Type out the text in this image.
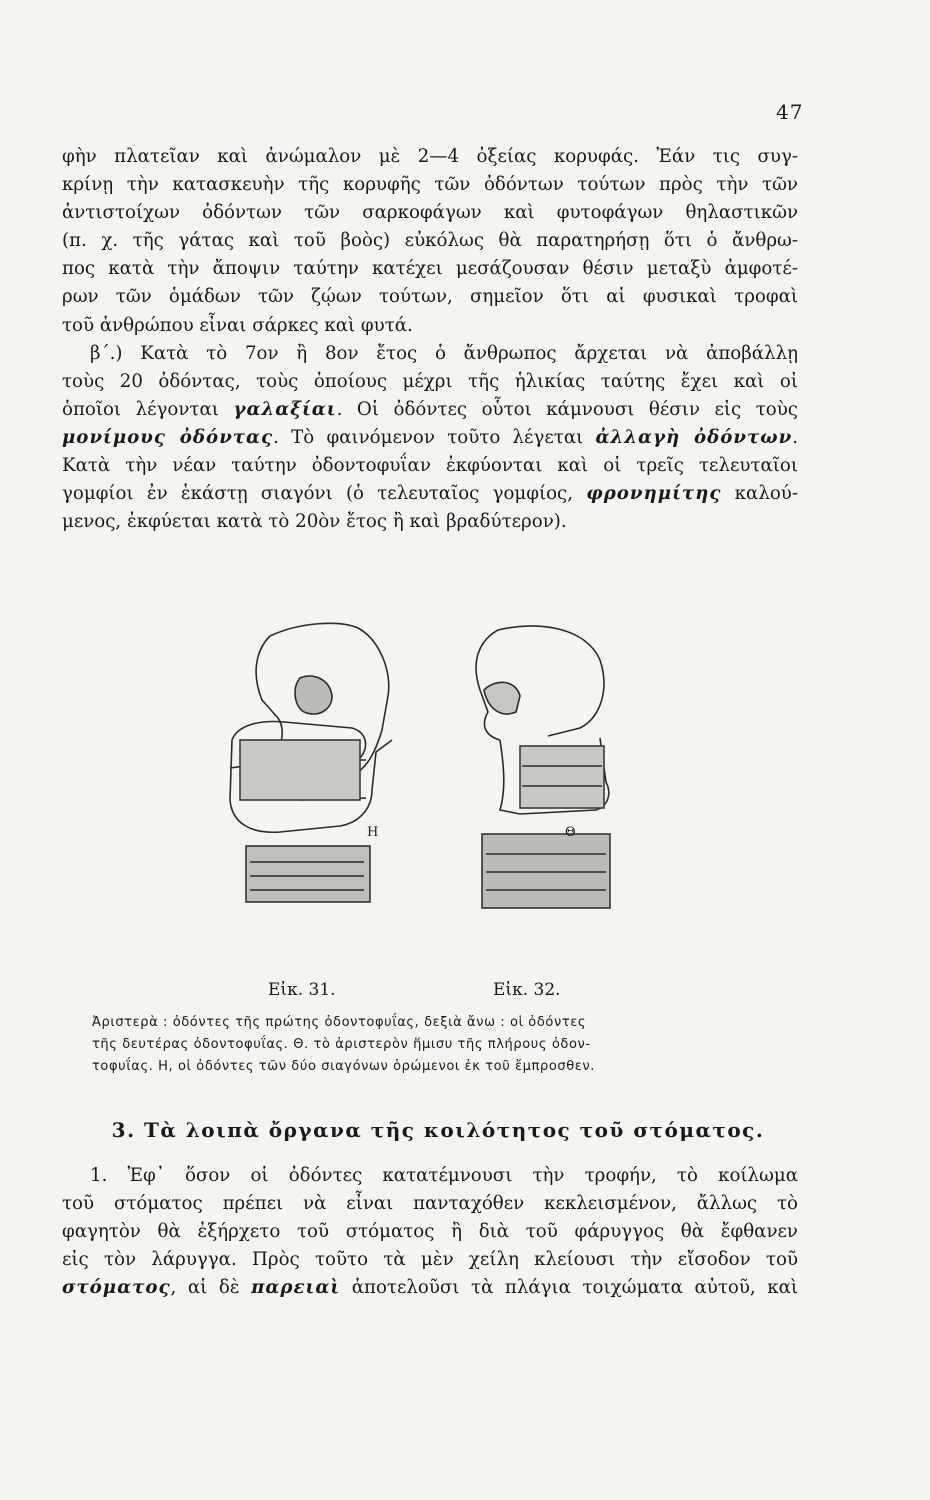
47
φὴν πλατεῖαν καὶ ἀνώμαλον μὲ 2—4 ὀξείας κορυφάς. Ἐάν τις συγ-
κρίνῃ τὴν κατασκευὴν τῆς κορυφῆς τῶν ὀδόντων τούτων πρὸς τὴν τῶν
ἀντιστοίχων ὀδόντων τῶν σαρκοφάγων καὶ φυτοφάγων θηλαστικῶν
(π. χ. τῆς γάτας καὶ τοῦ βοὸς) εὐκόλως θὰ παρατηρήσῃ ὅτι ὁ ἄνθρω-
πος κατὰ τὴν ἄποψιν ταύτην κατέχει μεσάζουσαν θέσιν μεταξὺ ἀμφοτέ-
ρων τῶν ὁμάδων τῶν ζῴων τούτων, σημεῖον ὅτι αἱ φυσικαὶ τροφαὶ
τοῦ ἀνθρώπου εἶναι σάρκες καὶ φυτά.
β΄.) Κατὰ τὸ 7ον ἢ 8ον ἔτος ὁ ἄνθρωπος ἄρχεται νὰ ἀποβάλλῃ
τοὺς 20 ὀδόντας, τοὺς ὁποίους μέχρι τῆς ἡλικίας ταύτης ἔχει καὶ οἱ
ὁποῖοι λέγονται γαλαξίαι. Οἱ ὀδόντες οὗτοι κάμνουσι θέσιν εἰς τοὺς
μονίμους ὀδόντας. Τὸ φαινόμενον τοῦτο λέγεται ἀλλαγὴ ὀδόντων.
Κατὰ τὴν νέαν ταύτην ὀδοντοφυΐαν ἐκφύονται καὶ οἱ τρεῖς τελευταῖοι
γομφίοι ἐν ἑκάστῃ σιαγόνι (ὁ τελευταῖος γομφίος, φρονημίτης καλού-
μενος, ἐκφύεται κατὰ τὸ 20ὸν ἔτος ἢ καὶ βραδύτερον).
Η	Θ
Εἰκ. 31.	Εἰκ. 32.
Ἀριστερὰ : ὀδόντες τῆς πρώτης ὀδοντοφυΐας, δεξιὰ ἄνω : οἱ ὀδόντες
τῆς δευτέρας ὀδοντοφυΐας. Θ. τὸ ἀριστερὸν ἥμισυ τῆς πλήρους ὀδον-
τοφυΐας. Η, οἱ ὀδόντες τῶν δύο σιαγόνων ὁρώμενοι ἐκ τοῦ ἔμπροσθεν.
3. Τὰ λοιπὰ ὄργανα τῆς κοιλότητος τοῦ στόματος.
1. Ἐφ᾽ ὅσον οἱ ὀδόντες κατατέμνουσι τὴν τροφήν, τὸ κοίλωμα
τοῦ στόματος πρέπει νὰ εἶναι πανταχόθεν κεκλεισμένον, ἄλλως τὸ
φαγητὸν θὰ ἐξήρχετο τοῦ στόματος ἢ διὰ τοῦ φάρυγγος θὰ ἔφθανεν
εἰς τὸν λάρυγγα. Πρὸς τοῦτο τὰ μὲν χείλη κλείουσι τὴν εἴσοδον τοῦ
στόματος, αἱ δὲ παρειαὶ ἀποτελοῦσι τὰ πλάγια τοιχώματα αὐτοῦ, καὶ
